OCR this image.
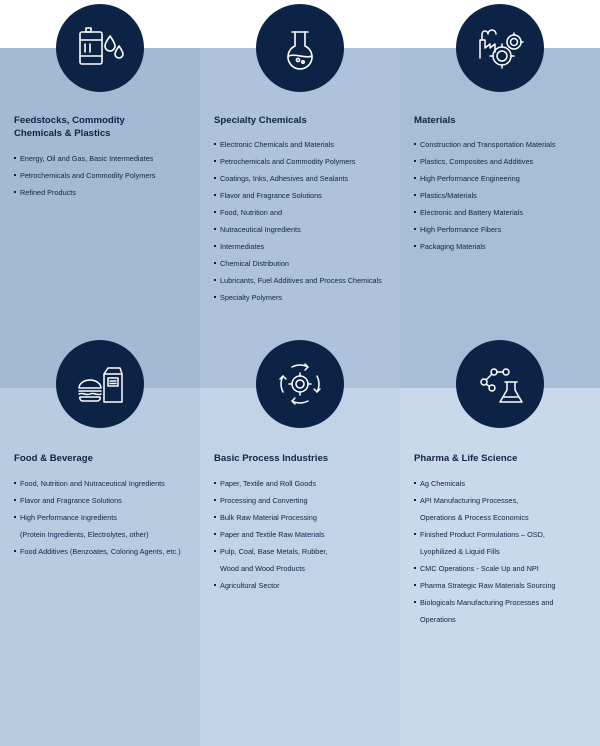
Feedstocks, Commodity
Chemicals & Plastics
Energy, Oil and Gas, Basic Intermediates
Petrochemicals and Commodity Polymers
Refined Products
Specialty Chemicals
Electronic Chemicals and Materials
Petrochemicals and Commodity Polymers
Coatings, Inks, Adhesives and Sealants
Flavor and Fragrance Solutions
Food, Nutrition and
Nutraceutical Ingredients
Intermediates
Chemical Distribution
Lubricants, Fuel Additives and Process Chemicals
Specialty Polymers
Materials
Construction and Transportation Materials
Plastics, Composites and Additives
High Performance Engineering
Plastics/Materials
Electronic and Battery Materials
High Performance Fibers
Packaging Materials
Food & Beverage
Food, Nutrition and Nutraceutical Ingredients
Flavor and Fragrance Solutions
High Performance Ingredients
(Protein Ingredients, Electrolytes, other)
Food Additives (Benzoates, Coloring Agents, etc.)
Basic Process Industries
Paper, Textile and Roll Goods
Processing and Converting
Bulk Raw Material Processing
Paper and Textile Raw Materials
Pulp, Coal, Base Metals, Rubber,
Wood and Wood Products
Agricultural Sector
Pharma & Life Science
Ag Chemicals
API Manufacturing Processes,
Operations & Process Economics
Finished Product Formulations – OSD,
Lyophilized & Liquid Fills
CMC Operations - Scale Up and NPI
Pharma Strategic Raw Materials Sourcing
Biologicals Manufacturing Processes and
Operations
